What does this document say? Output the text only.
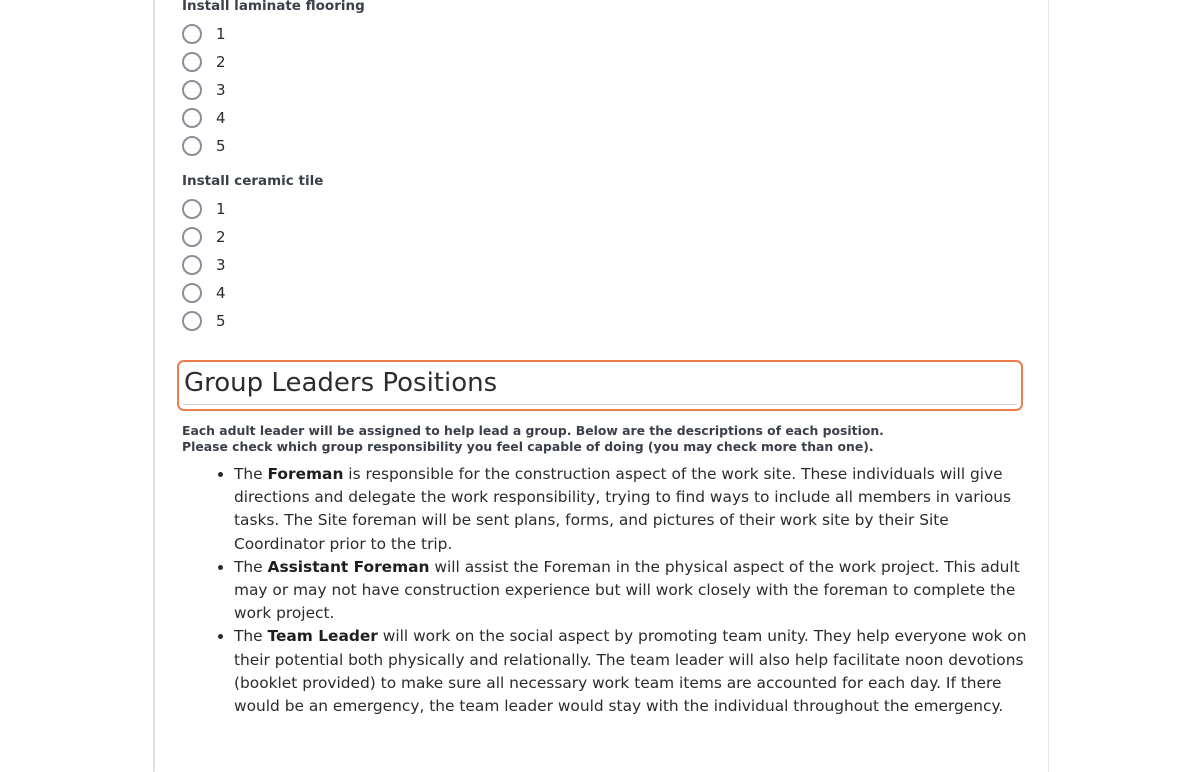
Install laminate flooring
1
2
3
4
5
Install ceramic tile
1
2
3
4
5
Group Leaders Positions
Each adult leader will be assigned to help lead a group. Below are the descriptions of each position.
Please check which group responsibility you feel capable of doing (you may check more than one).
• The Foreman is responsible for the construction aspect of the work site. These individuals will give directions and delegate the work responsibility, trying to find ways to include all members in various tasks. The Site foreman will be sent plans, forms, and pictures of their work site by their Site Coordinator prior to the trip.
• The Assistant Foreman will assist the Foreman in the physical aspect of the work project. This adult may or may not have construction experience but will work closely with the foreman to complete the work project.
• The Team Leader will work on the social aspect by promoting team unity. They help everyone wok on their potential both physically and relationally. The team leader will also help facilitate noon devotions (booklet provided) to make sure all necessary work team items are accounted for each day. If there would be an emergency, the team leader would stay with the individual throughout the emergency.
